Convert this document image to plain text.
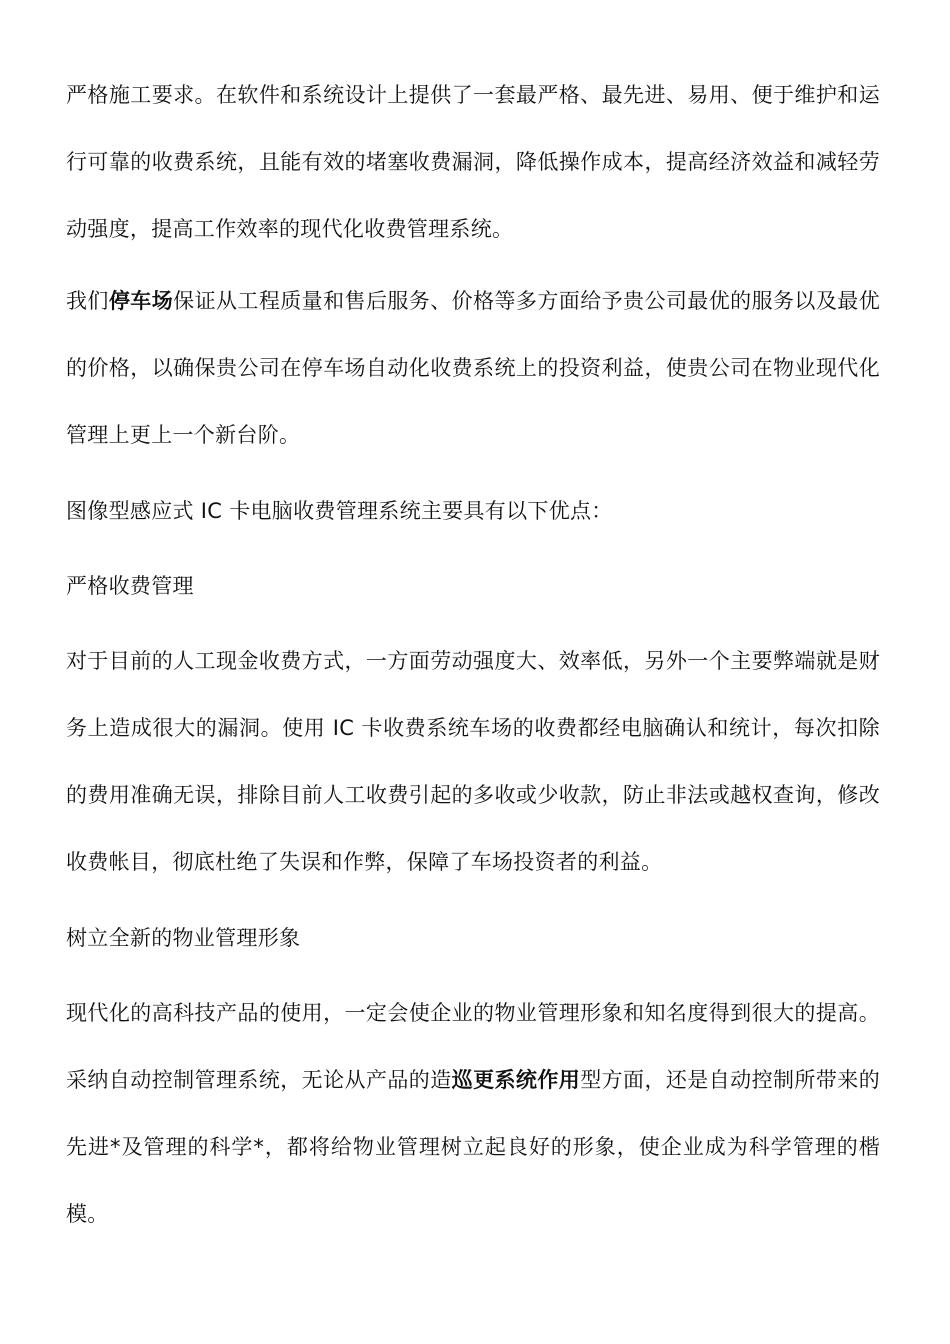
严格施工要求。在软件和系统设计上提供了一套最严格、最先进、易用、便于维护和运行可靠的收费系统，且能有效的堵塞收费漏洞，降低操作成本，提高经济效益和减轻劳动强度，提高工作效率的现代化收费管理系统。

我们停车场保证从工程质量和售后服务、价格等多方面给予贵公司最优的服务以及最优的价格，以确保贵公司在停车场自动化收费系统上的投资利益，使贵公司在物业现代化管理上更上一个新台阶。

图像型感应式 IC 卡电脑收费管理系统主要具有以下优点：

严格收费管理

对于目前的人工现金收费方式，一方面劳动强度大、效率低，另外一个主要弊端就是财务上造成很大的漏洞。使用 IC 卡收费系统车场的收费都经电脑确认和统计，每次扣除的费用准确无误，排除目前人工收费引起的多收或少收款，防止非法或越权查询，修改收费帐目，彻底杜绝了失误和作弊，保障了车场投资者的利益。

树立全新的物业管理形象

现代化的高科技产品的使用，一定会使企业的物业管理形象和知名度得到很大的提高。采纳自动控制管理系统，无论从产品的造巡更系统作用型方面，还是自动控制所带来的先进*及管理的科学*，都将给物业管理树立起良好的形象，使企业成为科学管理的楷模。
